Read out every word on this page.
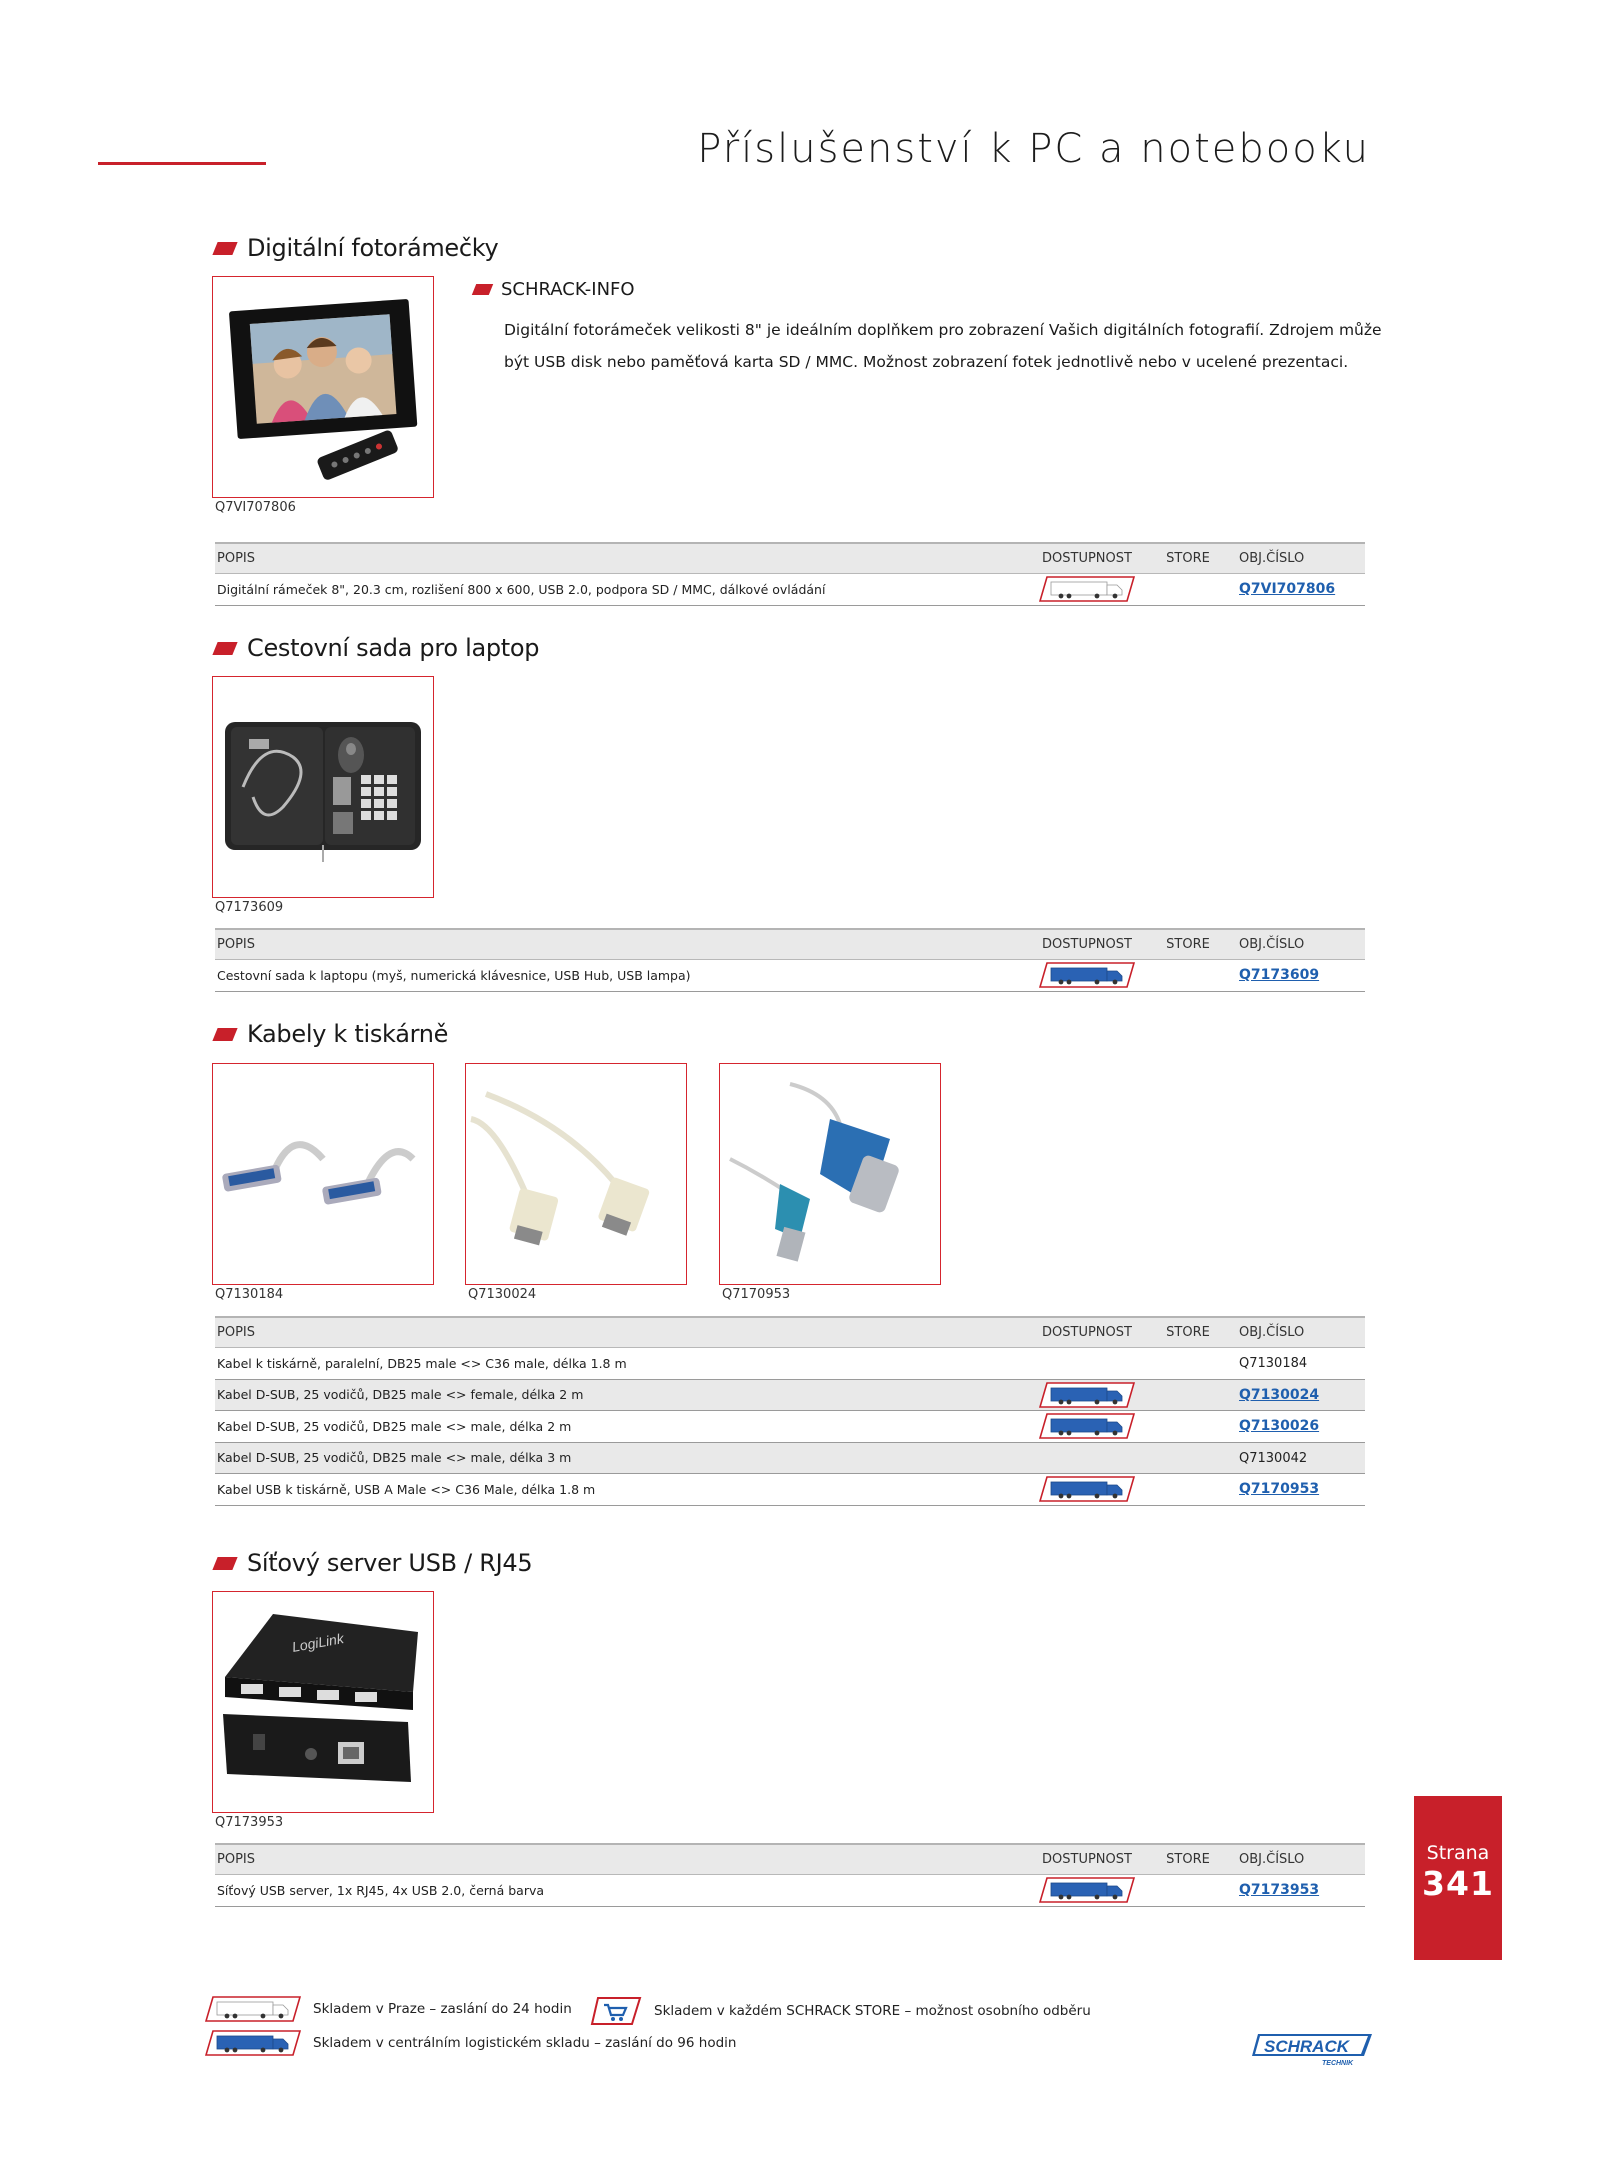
Příslušenství k PC a notebooku
Digitální fotorámečky
Q7VI707806
SCHRACK-INFO
Digitální fotorámeček velikosti 8" je ideálním doplňkem pro zobrazení Vašich digitálních fotografií. Zdrojem může být USB disk nebo paměťová karta SD / MMC. Možnost zobrazení fotek jednotlivě nebo v ucelené prezentaci.
POPIS	DOSTUPNOST	STORE	OBJ.ČÍSLO
Digitální rámeček 8", 20.3 cm, rozlišení 800 x 600, USB 2.0, podpora SD / MMC, dálkové ovládání	Q7VI707806
Cestovní sada pro laptop
Q7173609
POPIS	DOSTUPNOST	STORE	OBJ.ČÍSLO
Cestovní sada k laptopu (myš, numerická klávesnice, USB Hub, USB lampa)	Q7173609
Kabely k tiskárně
Q7130184	Q7130024	Q7170953
POPIS	DOSTUPNOST	STORE	OBJ.ČÍSLO
Kabel k tiskárně, paralelní, DB25 male <> C36 male, délka 1.8 m	Q7130184
Kabel D-SUB, 25 vodičů, DB25 male <> female, délka 2 m	Q7130024
Kabel D-SUB, 25 vodičů, DB25 male <> male, délka 2 m	Q7130026
Kabel D-SUB, 25 vodičů, DB25 male <> male, délka 3 m	Q7130042
Kabel USB k tiskárně, USB A Male <> C36 Male, délka 1.8 m	Q7170953
Síťový server USB / RJ45
LogiLink
Q7173953
POPIS	DOSTUPNOST	STORE	OBJ.ČÍSLO
Síťový USB server, 1x RJ45, 4x USB 2.0, černá barva	Q7173953
Strana
341
Skladem v Praze – zaslání do 24 hodin	Skladem v každém SCHRACK STORE – možnost osobního odběru
Skladem v centrálním logistickém skladu – zaslání do 96 hodin	SCHRACK
TECHNIK
